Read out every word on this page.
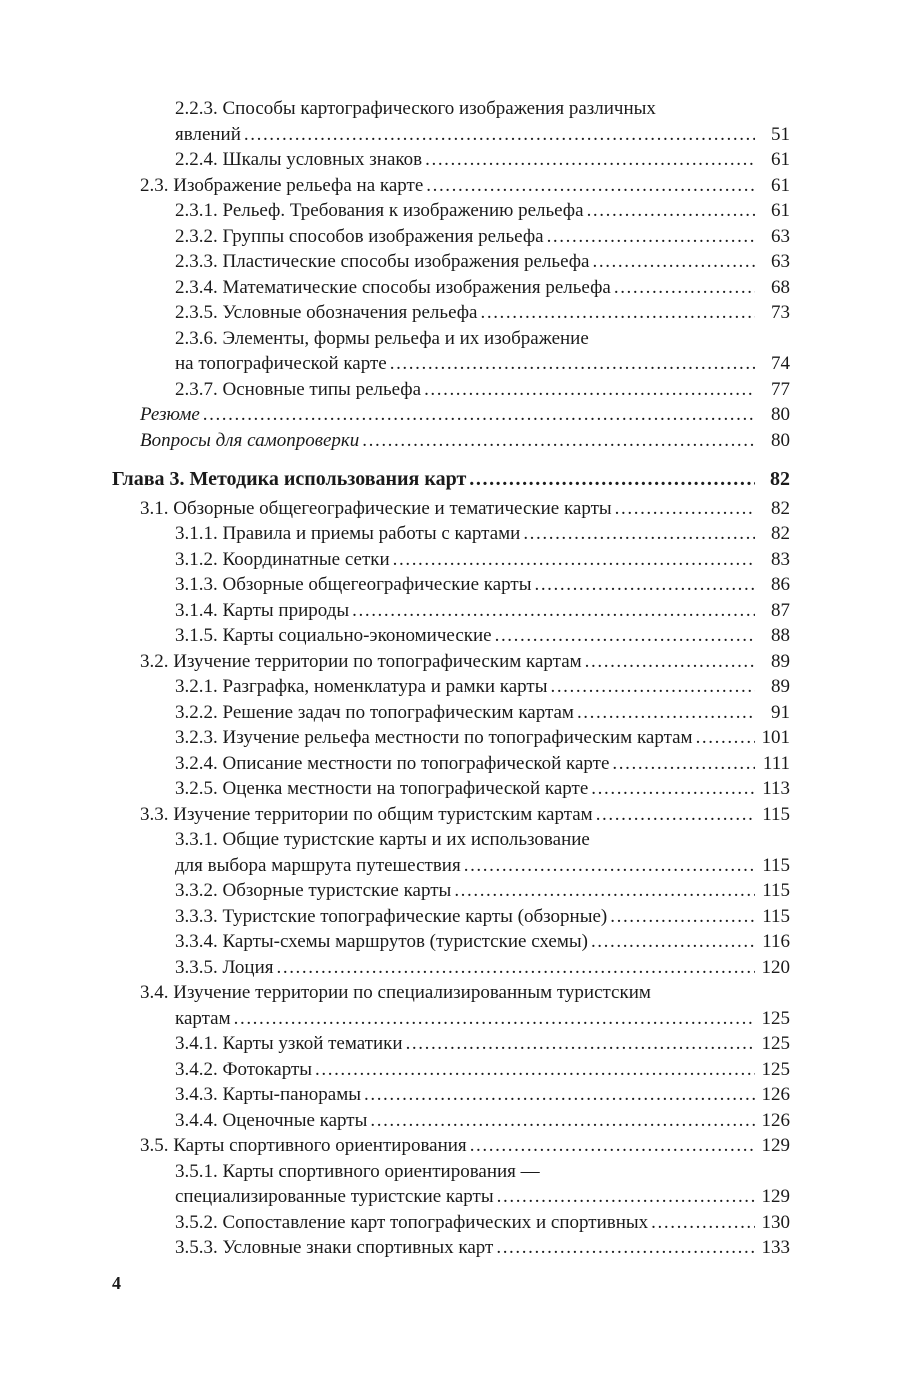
2.2.3. Способы картографического изображения различных
явлений .....	51
2.2.4. Шкалы условных знаков .....	61
2.3. Изображение рельефа на карте .....	61
2.3.1. Рельеф. Требования к изображению рельефа .....	61
2.3.2. Группы способов изображения рельефа .....	63
2.3.3. Пластические способы изображения рельефа .....	63
2.3.4. Математические способы изображения рельефа .....	68
2.3.5. Условные обозначения рельефа .....	73
2.3.6. Элементы, формы рельефа и их изображение
на топографической карте .....	74
2.3.7. Основные типы рельефа .....	77
Резюме .....	80
Вопросы для самопроверки .....	80
Глава 3. Методика использования карт .....	82
3.1. Обзорные общегеографические и тематические карты .....	82
3.1.1. Правила и приемы работы с картами .....	82
3.1.2. Координатные сетки .....	83
3.1.3. Обзорные общегеографические карты .....	86
3.1.4. Карты природы .....	87
3.1.5. Карты социально-экономические .....	88
3.2. Изучение территории по топографическим картам .....	89
3.2.1. Разграфка, номенклатура и рамки карты .....	89
3.2.2. Решение задач по топографическим картам .....	91
3.2.3. Изучение рельефа местности по топографическим картам .....	101
3.2.4. Описание местности по топографической карте .....	111
3.2.5. Оценка местности на топографической карте .....	113
3.3. Изучение территории по общим туристским картам .....	115
3.3.1. Общие туристские карты и их использование
для выбора маршрута путешествия .....	115
3.3.2. Обзорные туристские карты .....	115
3.3.3. Туристские топографические карты (обзорные) .....	115
3.3.4. Карты-схемы маршрутов (туристские схемы) .....	116
3.3.5. Лоция .....	120
3.4. Изучение территории по специализированным туристским
картам .....	125
3.4.1. Карты узкой тематики .....	125
3.4.2. Фотокарты .....	125
3.4.3. Карты-панорамы .....	126
3.4.4. Оценочные карты .....	126
3.5. Карты спортивного ориентирования .....	129
3.5.1. Карты спортивного ориентирования —
специализированные туристские карты .....	129
3.5.2. Сопоставление карт топографических и спортивных .....	130
3.5.3. Условные знаки спортивных карт .....	133
4
